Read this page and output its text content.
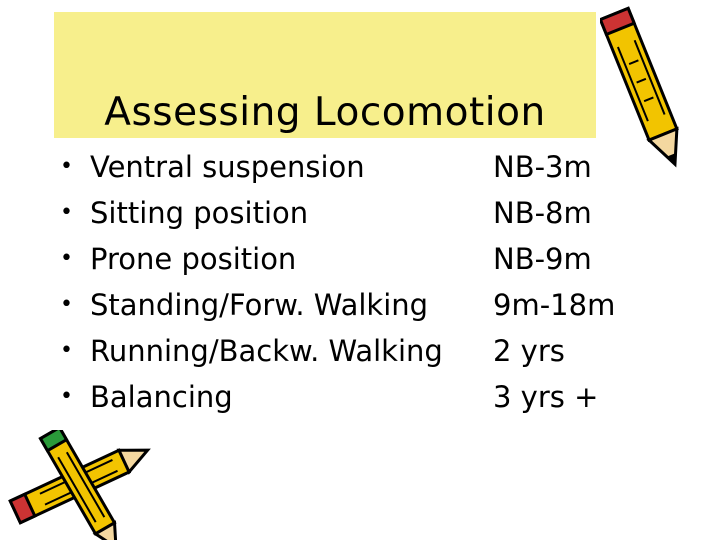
Assessing Locomotion
• Ventral suspension
• Sitting position
• Prone position
• Standing/Forw. Walking
• Running/Backw. Walking
• Balancing
NB-3m
NB-8m
NB-9m
9m-18m
2 yrs
3 yrs +
